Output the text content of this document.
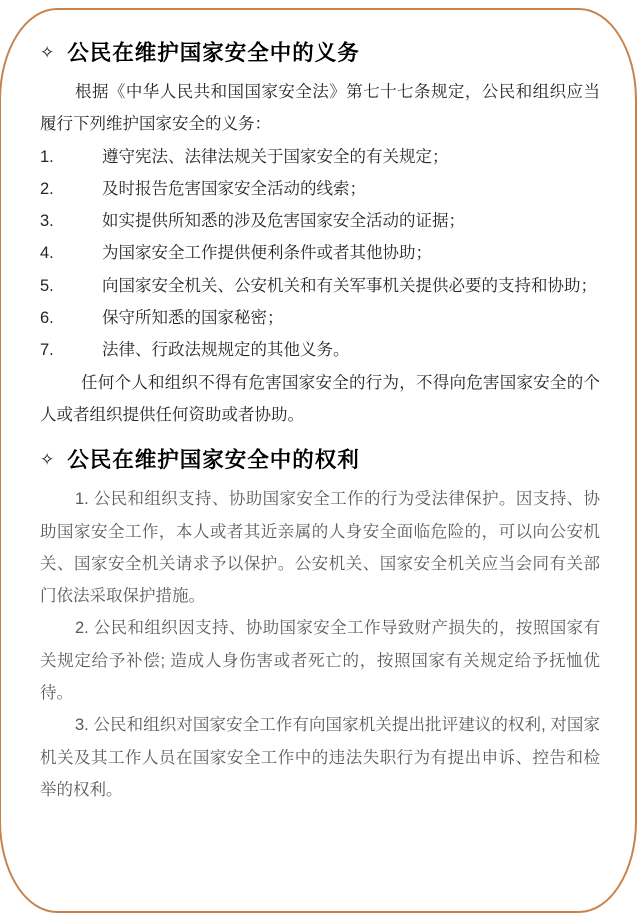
✧ 公民在维护国家安全中的义务

根据《中华人民共和国国家安全法》第七十七条规定，公民和组织应当履行下列维护国家安全的义务：

1.	遵守宪法、法律法规关于国家安全的有关规定；
2.	及时报告危害国家安全活动的线索；
3.	如实提供所知悉的涉及危害国家安全活动的证据；
4.	为国家安全工作提供便利条件或者其他协助；
5.	向国家安全机关、公安机关和有关军事机关提供必要的支持和协助；
6.	保守所知悉的国家秘密；
7.	法律、行政法规规定的其他义务。

任何个人和组织不得有危害国家安全的行为，不得向危害国家安全的个人或者组织提供任何资助或者协助。

✧ 公民在维护国家安全中的权利

1. 公民和组织支持、协助国家安全工作的行为受法律保护。因支持、协助国家安全工作，本人或者其近亲属的人身安全面临危险的，可以向公安机关、国家安全机关请求予以保护。公安机关、国家安全机关应当会同有关部门依法采取保护措施。

2. 公民和组织因支持、协助国家安全工作导致财产损失的，按照国家有关规定给予补偿; 造成人身伤害或者死亡的，按照国家有关规定给予抚恤优待。

3. 公民和组织对国家安全工作有向国家机关提出批评建议的权利, 对国家机关及其工作人员在国家安全工作中的违法失职行为有提出申诉、控告和检举的权利。
